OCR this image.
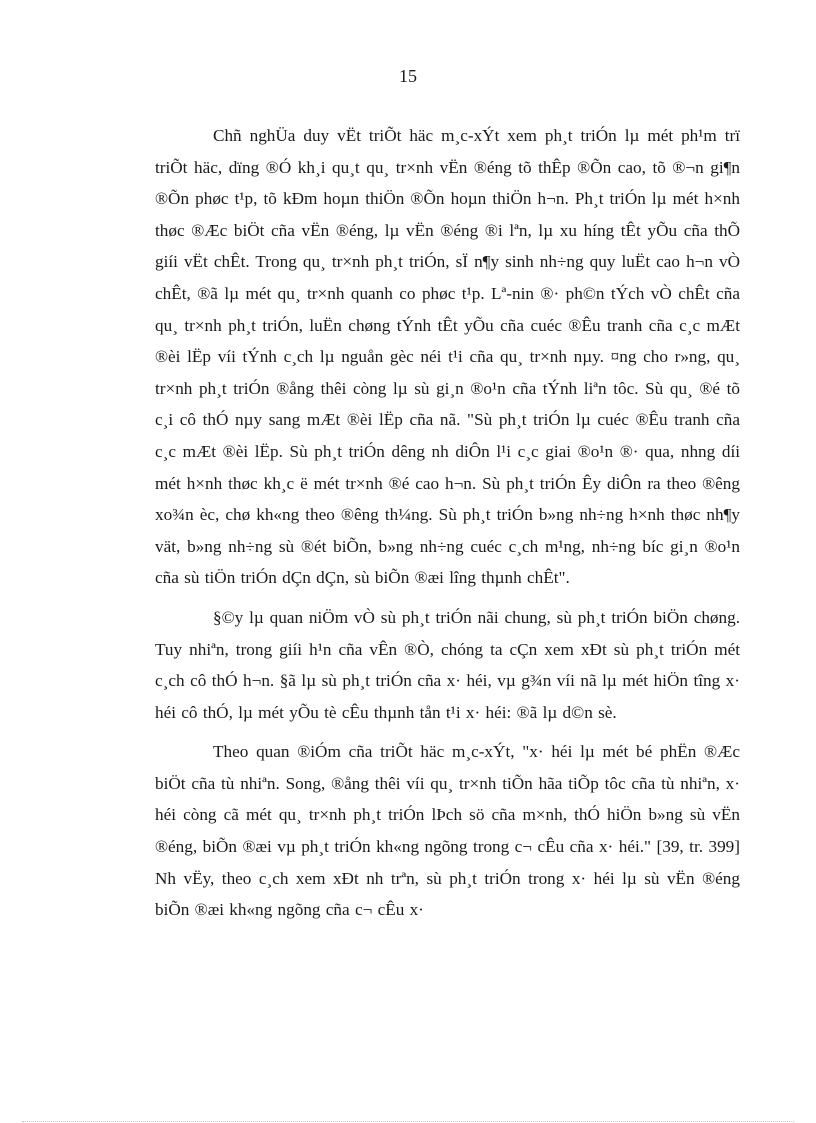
15

Chñ nghÜa duy vËt triÕt häc m¸c-xÝt xem ph¸t triÓn lµ mét ph¹m trï triÕt häc, dïng ®Ó kh¸i qu¸t qu¸ tr×nh vËn ®éng tõ thÊp ®Õn cao, tõ ®¬n gi¶n ®Õn phøc t¹p, tõ kÐm hoµn thiÖn ®Õn hoµn thiÖn h¬n. Ph¸t triÓn lµ mét h×nh thøc ®Æc biÖt cña vËn ®éng, lµ vËn ®éng ®i lªn, lµ xu híng tÊt yÕu cña thÕ giíi vËt chÊt. Trong qu¸ tr×nh ph¸t triÓn, sÏ n¶y sinh nh÷ng quy luËt cao h¬n vÒ chÊt, ®ã lµ mét qu¸ tr×nh quanh co phøc t¹p. Lª-nin ®· ph©n tÝch vÒ chÊt cña qu¸ tr×nh ph¸t triÓn, luËn chøng tÝnh tÊt yÕu cña cuéc ®Êu tranh cña c¸c mÆt ®èi lËp víi tÝnh c¸ch lµ nguån gèc néi t¹i cña qu¸ tr×nh nµy. ¤ng cho r»ng, qu¸ tr×nh ph¸t triÓn ®ång thêi còng lµ sù gi¸n ®o¹n cña tÝnh liªn tôc. Sù qu¸ ®é tõ c¸i cô thÓ nµy sang mÆt ®èi lËp cña nã. "Sù ph¸t triÓn lµ cuéc ®Êu tranh cña c¸c mÆt ®èi lËp. Sù ph¸t triÓn dêng nh diÔn l¹i c¸c giai ®o¹n ®· qua, nhng díi mét h×nh thøc kh¸c ë mét tr×nh ®é cao h¬n. Sù ph¸t triÓn Êy diÔn ra theo ®êng xo¾n èc, chø kh«ng theo ®êng th¼ng. Sù ph¸t triÓn b»ng nh÷ng h×nh thøc nh¶y vät, b»ng nh÷ng sù ®ét biÕn, b»ng nh÷ng cuéc c¸ch m¹ng, nh÷ng bíc gi¸n ®o¹n cña sù tiÖn triÓn dÇn dÇn, sù biÕn ®æi lîng thµnh chÊt".

§©y lµ quan niÖm vÒ sù ph¸t triÓn nãi chung, sù ph¸t triÓn biÖn chøng. Tuy nhiªn, trong giíi h¹n cña vÊn ®Ò, chóng ta cÇn xem xÐt sù ph¸t triÓn mét c¸ch cô thÓ h¬n. §ã lµ sù ph¸t triÓn cña x· héi, vµ g¾n víi nã lµ mét hiÖn tîng x· héi cô thÓ, lµ mét yÕu tè cÊu thµnh tån t¹i x· héi: ®ã lµ d©n sè.

Theo quan ®iÓm cña triÕt häc m¸c-xÝt, "x· héi lµ mét bé phËn ®Æc biÖt cña tù nhiªn. Song, ®ång thêi víi qu¸ tr×nh tiÕn hãa tiÕp tôc cña tù nhiªn, x· héi còng cã mét qu¸ tr×nh ph¸t triÓn lÞch sö cña m×nh, thÓ hiÖn b»ng sù vËn ®éng, biÕn ®æi vµ ph¸t triÓn kh«ng ngõng trong c¬ cÊu cña x· héi." [39, tr. 399] Nh vËy, theo c¸ch xem xÐt nh trªn, sù ph¸t triÓn trong x· héi lµ sù vËn ®éng biÕn ®æi kh«ng ngõng cña c¬ cÊu x·
